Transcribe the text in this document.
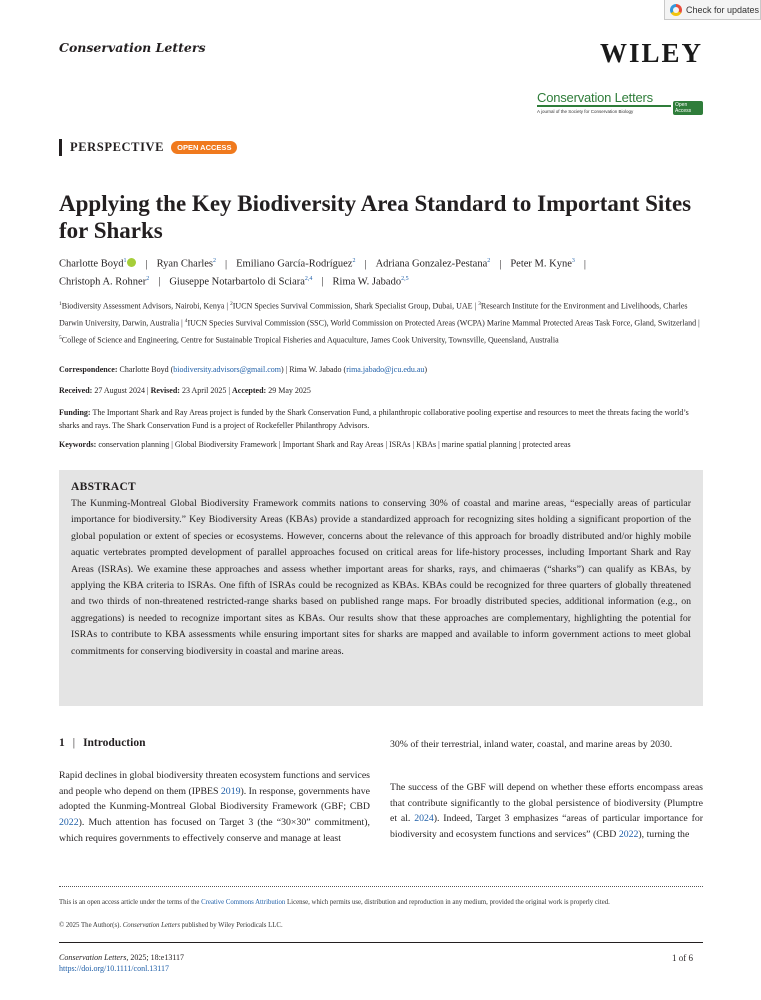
Check for updates
Conservation Letters	WILEY
Conservation Letters	Open Access
A journal of the Society for Conservation Biology
PERSPECTIVE	OPEN ACCESS
Applying the Key Biodiversity Area Standard to Important Sites for Sharks
Charlotte Boyd$^1$ | Ryan Charles$^2$ | Emiliano García-Rodríguez$^2$ | Adriana Gonzalez-Pestana$^2$ | Peter M. Kyne$^3$ |
Christoph A. Rohner$^2$ | Giuseppe Notarbartolo di Sciara$^{2,4}$ | Rima W. Jabado$^{2,5}$
$^1$Biodiversity Assessment Advisors, Nairobi, Kenya | $^2$IUCN Species Survival Commission, Shark Specialist Group, Dubai, UAE | $^3$Research Institute for the Environment and Livelihoods, Charles Darwin University, Darwin, Australia | $^4$IUCN Species Survival Commission (SSC), World Commission on Protected Areas (WCPA) Marine Mammal Protected Areas Task Force, Gland, Switzerland | $^5$College of Science and Engineering, Centre for Sustainable Tropical Fisheries and Aquaculture, James Cook University, Townsville, Queensland, Australia
Correspondence: Charlotte Boyd (biodiversity.advisors@gmail.com) | Rima W. Jabado (rima.jabado@jcu.edu.au)
Received: 27 August 2024 | Revised: 23 April 2025 | Accepted: 29 May 2025
Funding: The Important Shark and Ray Areas project is funded by the Shark Conservation Fund, a philanthropic collaborative pooling expertise and resources to meet the threats facing the world’s sharks and rays. The Shark Conservation Fund is a project of Rockefeller Philanthropy Advisors.
Keywords: conservation planning | Global Biodiversity Framework | Important Shark and Ray Areas | ISRAs | KBAs | marine spatial planning | protected areas
ABSTRACT
The Kunming-Montreal Global Biodiversity Framework commits nations to conserving 30% of coastal and marine areas, “especially areas of particular importance for biodiversity.” Key Biodiversity Areas (KBAs) provide a standardized approach for recognizing sites holding a significant proportion of the global population or extent of species or ecosystems. However, concerns about the relevance of this approach for broadly distributed and/or highly mobile aquatic vertebrates prompted development of parallel approaches focused on critical areas for life-history processes, including Important Shark and Ray Areas (ISRAs). We examine these approaches and assess whether important areas for sharks, rays, and chimaeras (“sharks”) can qualify as KBAs, by applying the KBA criteria to ISRAs. One fifth of ISRAs could be recognized as KBAs. KBAs could be recognized for three quarters of globally threatened and two thirds of non-threatened restricted-range sharks based on published range maps. For broadly distributed species, additional information (e.g., on aggregations) is needed to recognize important sites as KBAs. Our results show that these approaches are complementary, highlighting the potential for ISRAs to contribute to KBA assessments while ensuring important sites for sharks are mapped and available to inform government actions to meet global commitments for conserving biodiversity in coastal and marine areas.
1 | Introduction
Rapid declines in global biodiversity threaten ecosystem functions and services and people who depend on them (IPBES 2019). In response, governments have adopted the Kunming-Montreal Global Biodiversity Framework (GBF; CBD 2022). Much attention has focused on Target 3 (the “30×30” commitment), which requires governments to effectively conserve and manage at least
30% of their terrestrial, inland water, coastal, and marine areas by 2030.
The success of the GBF will depend on whether these efforts encompass areas that contribute significantly to the global persistence of biodiversity (Plumptre et al. 2024). Indeed, Target 3 emphasizes “areas of particular importance for biodiversity and ecosystem functions and services” (CBD 2022), turning the
This is an open access article under the terms of the Creative Commons Attribution License, which permits use, distribution and reproduction in any medium, provided the original work is properly cited.
© 2025 The Author(s). Conservation Letters published by Wiley Periodicals LLC.
Conservation Letters, 2025; 18:e13117
https://doi.org/10.1111/conl.13117
1 of 6
